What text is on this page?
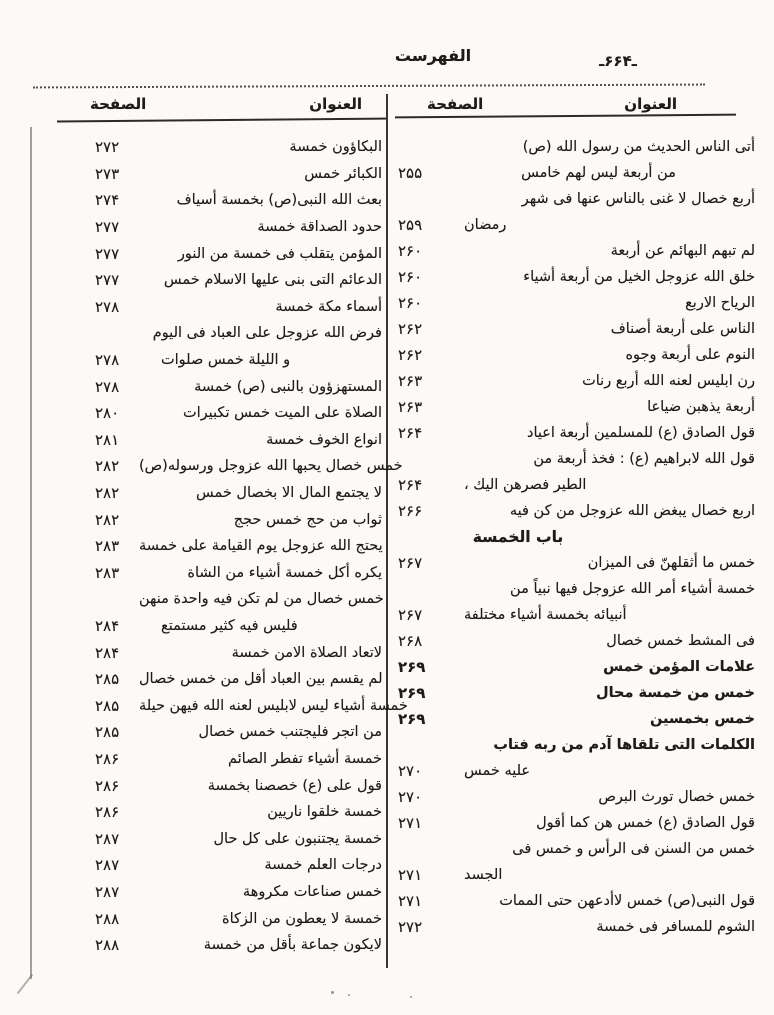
الفهرست	ـ۶۶۴ـ
الصفحة	العنوان
أتى الناس الحديث من رسول الله (ص)
۲۵۵	من أربعة ليس لهم خامس
أربع خصال لا غنى بالناس عنها فى شهر
۲۵۹	رمضان
۲۶۰	لم تبهم البهائم عن أربعة
۲۶۰	خلق الله عزوجل الخيل من أربعة أشياء
۲۶۰	الرياح الاربع
۲۶۲	الناس على أربعة أصناف
۲۶۲	النوم على أربعة وجوه
۲۶۳	رن ابليس لعنه الله أربع رنات
۲۶۳	أربعة يذهبن ضياعا
۲۶۴	قول الصادق (ع) للمسلمين أربعة اعياد
قول الله لابراهيم (ع) : فخذ أربعة من
۲۶۴	الطير فصرهن اليك ،
۲۶۶	اربع خصال يبغض الله عزوجل من كن فيه
باب الخمسة
۲۶۷	خمس ما أثقلهنّ فى الميزان
خمسة أشياء أمر الله عزوجل فيها نبياً من
۲۶۷	أنبيائه بخمسة أشياء مختلفة
۲۶۸	فى المشط خمس خصال
۲۶۹	علامات المؤمن خمس
۲۶۹	خمس من خمسة محال
۲۶۹	خمس بخمسين
الكلمات التى تلقاها آدم من ربه فتاب
۲۷۰	عليه خمس
۲۷۰	خمس خصال تورث البرص
۲۷۱	قول الصادق (ع) خمس هن كما أقول
خمس من السنن فى الرأس و خمس فى
۲۷۱	الجسد
۲۷۱	قول النبى(ص) خمس لاأدعهن حتى الممات
۲۷۲	الشوم للمسافر فى خمسة
الصفحة	العنوان
۲۷۲	البكاؤون خمسة
۲۷۳	الكبائر خمس
۲۷۴	بعث الله النبى(ص) بخمسة أسياف
۲۷۷	حدود الصداقة خمسة
۲۷۷	المؤمن يتقلب فى خمسة من النور
۲۷۷	الدعائم التى بنى عليها الاسلام خمس
۲۷۸	أسماء مكة خمسة
فرض الله عزوجل على العباد فى اليوم
۲۷۸	و الليلة خمس صلوات
۲۷۸	المستهزؤون بالنبى (ص) خمسة
۲۸۰	الصلاة على الميت خمس تكبيرات
۲۸۱	انواع الخوف خمسة
۲۸۲	خمس خصال يحبها الله عزوجل ورسوله(ص)
۲۸۲	لا يجتمع المال الا بخصال خمس
۲۸۲	ثواب من حج خمس حجج
۲۸۳	يحتج الله عزوجل يوم القيامة على خمسة
۲۸۳	يكره أكل خمسة أشياء من الشاة
خمس خصال من لم تكن فيه واحدة منهن
۲۸۴	فليس فيه كثير مستمتع
۲۸۴	لاتعاد الصلاة الامن خمسة
۲۸۵	لم يقسم بين العباد أقل من خمس خصال
۲۸۵	خمسة أشياء ليس لابليس لعنه الله فيهن حيلة
۲۸۵	من اتجر فليجتنب خمس خصال
۲۸۶	خمسة أشياء تفطر الصائم
۲۸۶	قول على (ع) خصصنا بخمسة
۲۸۶	خمسة خلقوا ناريين
۲۸۷	خمسة يجتنبون على كل حال
۲۸۷	درجات العلم خمسة
۲۸۷	خمس صناعات مكروهة
۲۸۸	خمسة لا يعطون من الزكاة
۲۸۸	لايكون جماعة بأقل من خمسة
